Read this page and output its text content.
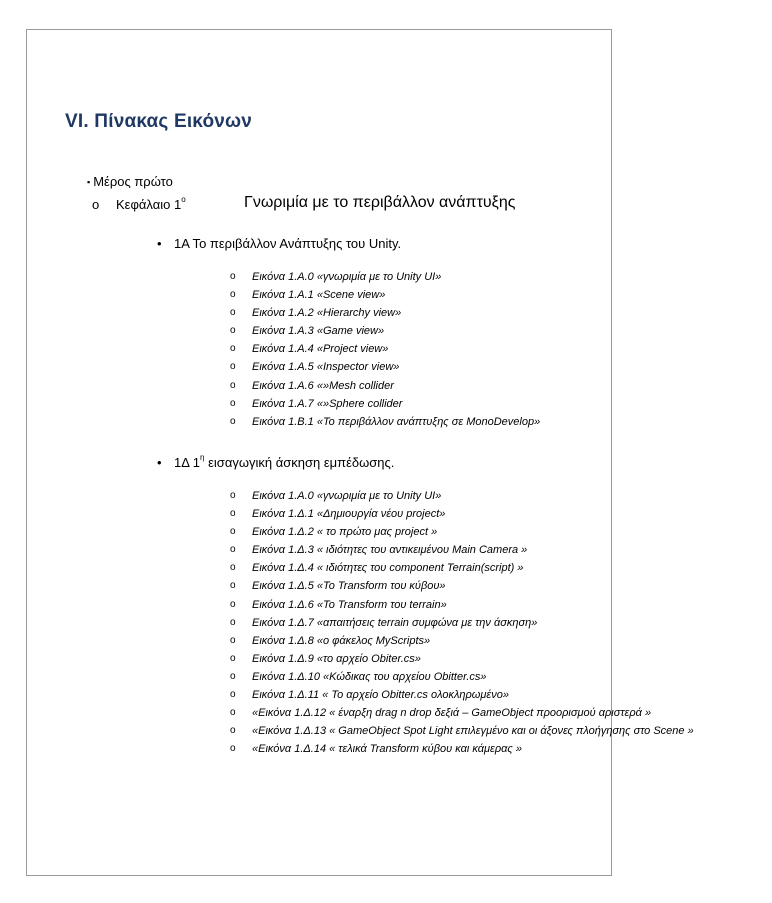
VI. Πίνακας Εικόνων
▪ Μέρος πρώτο
o Κεφάλαιο $1^o$	Γνωριμία με το περιβάλλον ανάπτυξης
• 1Α Το περιβάλλον Ανάπτυξης του Unity.
o Εικόνα 1.Α.0 «γνωριμία με το Unity UI»
o Εικόνα 1.Α.1 «Scene view»
o Εικόνα 1.Α.2 «Hierarchy view»
o Εικόνα 1.Α.3 «Game view»
o Εικόνα 1.Α.4 «Project view»
o Εικόνα 1.Α.5 «Inspector view»
o Εικόνα 1.Α.6 «»Mesh collider
o Εικόνα 1.Α.7 «»Sphere collider
o Εικόνα 1.Β.1 «Το περιβάλλον ανάπτυξης σε MonoDevelop»
• 1Δ $1^\eta$ εισαγωγική άσκηση εμπέδωσης.
o Εικόνα 1.Α.0 «γνωριμία με το Unity UI»
o Εικόνα 1.Δ.1 «Δημιουργία νέου project»
o Εικόνα 1.Δ.2 « το πρώτο μας project »
o Εικόνα 1.Δ.3 « ιδιότητες του αντικειμένου Main Camera »
o Εικόνα 1.Δ.4 « ιδιότητες του component Terrain(script) »
o Εικόνα 1.Δ.5 «Το Transform του κύβου»
o Εικόνα 1.Δ.6 «Το Transform του terrain»
o Εικόνα 1.Δ.7 «απαιτήσεις terrain συμφώνα με την άσκηση»
o Εικόνα 1.Δ.8 «ο φάκελος MyScripts»
o Εικόνα 1.Δ.9 «το αρχείο Obiter.cs»
o Εικόνα 1.Δ.10 «Κώδικας του αρχείου Obitter.cs»
o Εικόνα 1.Δ.11 « Το αρχείο Obitter.cs ολοκληρωμένο»
o «Εικόνα 1.Δ.12 « έναρξη drag n drop δεξιά – GameObject προορισμού αριστερά »
o «Εικόνα 1.Δ.13 « GameObject Spot Light επιλεγμένο και οι άξονες πλοήγησης στο Scene »
o «Εικόνα 1.Δ.14 « τελικά Transform κύβου και κάμερας »
